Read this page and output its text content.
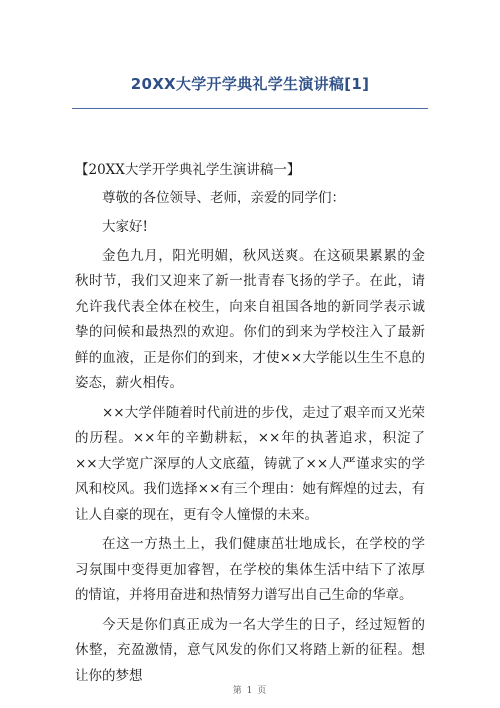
20XX大学开学典礼学生演讲稿[1]

【20XX大学开学典礼学生演讲稿一】

尊敬的各位领导、老师，亲爱的同学们：

大家好!

金色九月，阳光明媚，秋风送爽。在这硕果累累的金秋时节，我们又迎来了新一批青春飞扬的学子。在此，请允许我代表全体在校生，向来自祖国各地的新同学表示诚挚的问候和最热烈的欢迎。你们的到来为学校注入了最新鲜的血液，正是你们的到来，才使××大学能以生生不息的姿态，薪火相传。

××大学伴随着时代前进的步伐，走过了艰辛而又光荣的历程。××年的辛勤耕耘，××年的执著追求，积淀了××大学宽广深厚的人文底蕴，铸就了××人严谨求实的学风和校风。我们选择××有三个理由：她有辉煌的过去，有让人自豪的现在，更有令人憧憬的未来。

在这一方热土上，我们健康茁壮地成长，在学校的学习氛围中变得更加睿智，在学校的集体生活中结下了浓厚的情谊，并将用奋进和热情努力谱写出自己生命的华章。

今天是你们真正成为一名大学生的日子，经过短暂的休整，充盈激情，意气风发的你们又将踏上新的征程。想让你的梦想

第 1 页
